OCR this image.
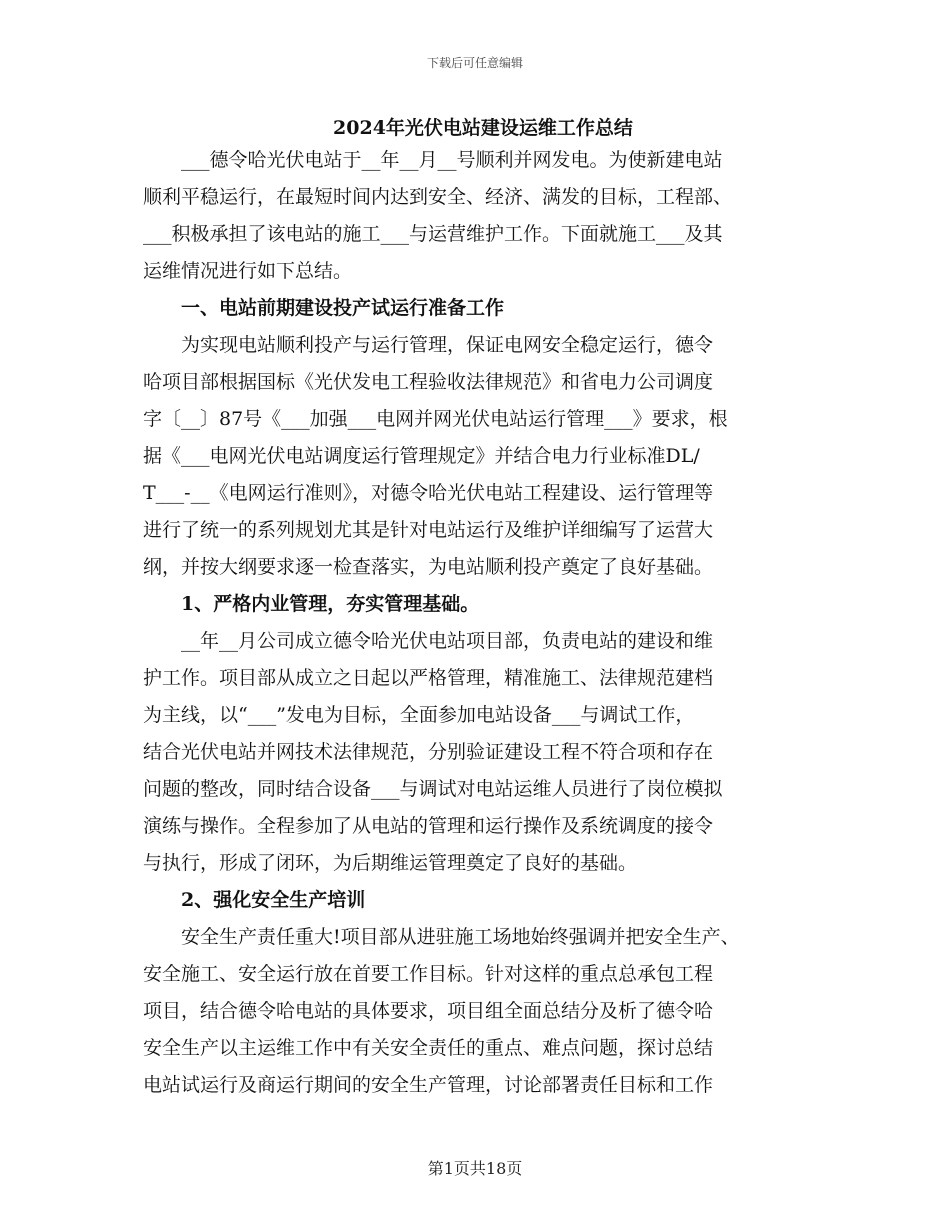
下载后可任意编辑
2024年光伏电站建设运维工作总结
___德令哈光伏电站于__年__月__号顺利并网发电。为使新建电站
顺利平稳运行，在最短时间内达到安全、经济、满发的目标，工程部、
___积极承担了该电站的施工___与运营维护工作。下面就施工___及其
运维情况进行如下总结。
一、电站前期建设投产试运行准备工作
为实现电站顺利投产与运行管理，保证电网安全稳定运行，德令
哈项目部根据国标《光伏发电工程验收法律规范》和省电力公司调度
字〔__〕87号《___加强___电网并网光伏电站运行管理___》要求，根
据《___电网光伏电站调度运行管理规定》并结合电力行业标准DL/
T___-__《电网运行准则》，对德令哈光伏电站工程建设、运行管理等
进行了统一的系列规划尤其是针对电站运行及维护详细编写了运营大
纲，并按大纲要求逐一检查落实，为电站顺利投产奠定了良好基础。
1、严格内业管理，夯实管理基础。
__年__月公司成立德令哈光伏电站项目部，负责电站的建设和维
护工作。项目部从成立之日起以严格管理，精准施工、法律规范建档
为主线，以“___”发电为目标，全面参加电站设备___与调试工作，
结合光伏电站并网技术法律规范，分别验证建设工程不符合项和存在
问题的整改，同时结合设备___与调试对电站运维人员进行了岗位模拟
演练与操作。全程参加了从电站的管理和运行操作及系统调度的接令
与执行，形成了闭环，为后期维运管理奠定了良好的基础。
2、强化安全生产培训
安全生产责任重大!项目部从进驻施工场地始终强调并把安全生产、
安全施工、安全运行放在首要工作目标。针对这样的重点总承包工程
项目，结合德令哈电站的具体要求，项目组全面总结分及析了德令哈
安全生产以主运维工作中有关安全责任的重点、难点问题，探讨总结
电站试运行及商运行期间的安全生产管理，讨论部署责任目标和工作
第1页共18页
